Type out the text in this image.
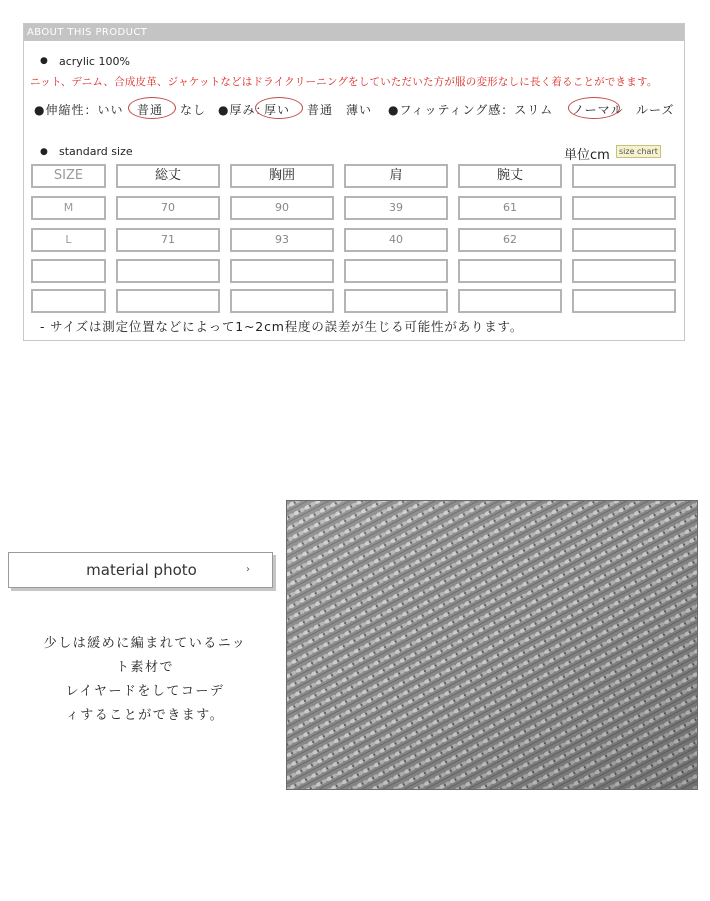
ABOUT THIS PRODUCT
● acrylic 100%
ニット、デニム、合成皮革、ジャケットなどはドライクリーニングをしていただいた方が服の変形なしに長く着ることができます。
●伸縮性：いい 普通 なし ●厚み：
厚い 普通　薄い ●フィッティング感：スリム ノーマル ルーズ
● standard size	単位cm	size chart
SIZE	総丈	胸囲	肩	腕丈
M	70	90	39	61
L	71	93	40	62
- サイズは測定位置などによって1~2cm程度の誤差が生じる可能性があります。
material photo	›
少しは緩めに編まれているニッ
ト素材で
レイヤードをしてコーデ
ィすることができます。
